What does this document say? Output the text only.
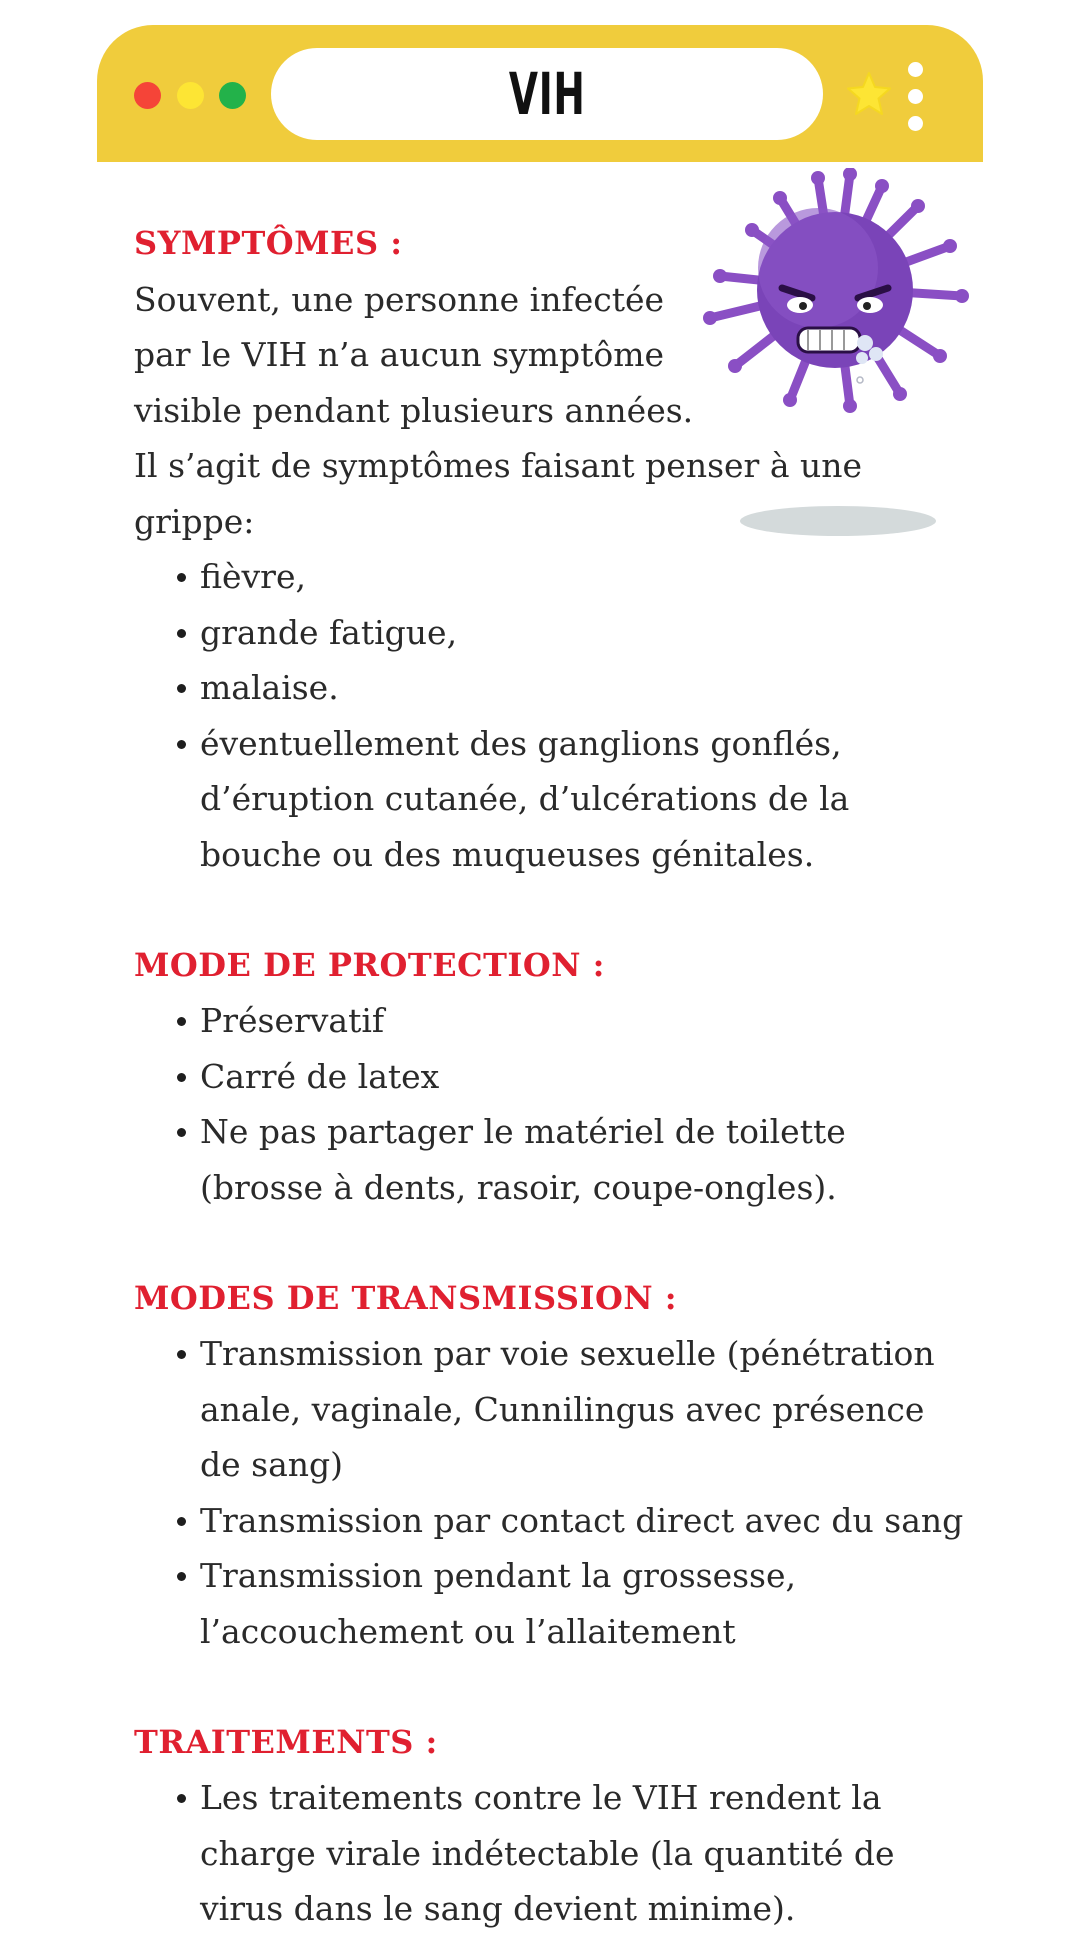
VIH

SYMPTÔMES :

Souvent, une personne infectée par le VIH n’a aucun symptôme visible pendant plusieurs années.

Il s’agit de symptômes faisant penser à une grippe:

fièvre,
grande fatigue,
malaise.
éventuellement des ganglions gonflés, d’éruption cutanée, d’ulcérations de la bouche ou des muqueuses génitales.

MODE DE PROTECTION :

Préservatif
Carré de latex
Ne pas partager le matériel de toilette (brosse à dents, rasoir, coupe-ongles).

MODES DE TRANSMISSION :

Transmission par voie sexuelle (pénétration anale, vaginale, Cunnilingus avec présence de sang)
Transmission par contact direct avec du sang
Transmission pendant la grossesse, l’accouchement ou l’allaitement

TRAITEMENTS :

Les traitements contre le VIH rendent la charge virale indétectable (la quantité de virus dans le sang devient minime).
